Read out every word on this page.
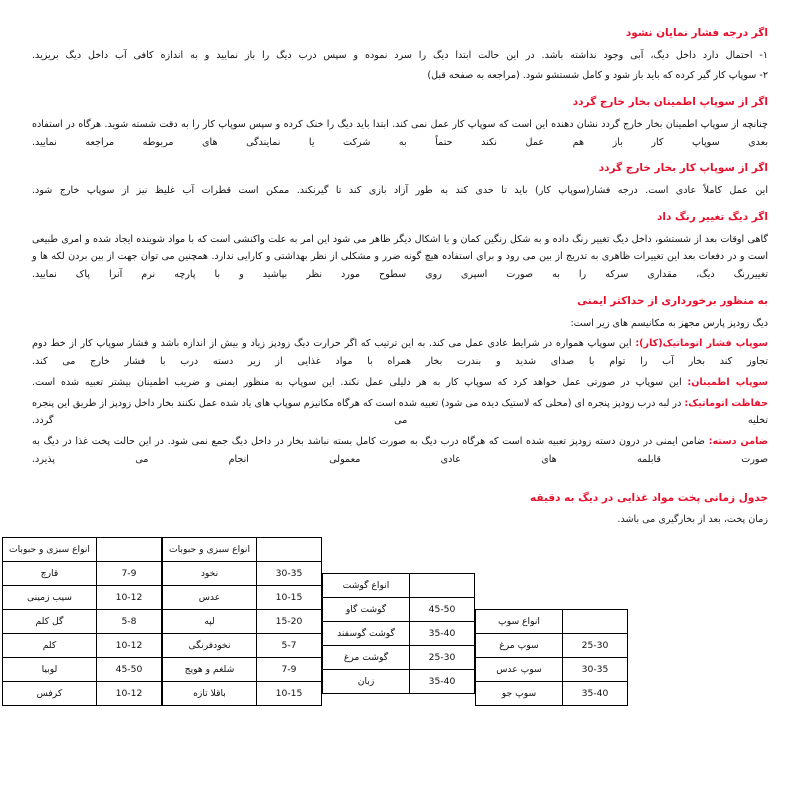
اگر درجه فشار نمایان نشود

۱- احتمال دارد داخل دیگ، آبی وجود نداشته باشد. در این حالت ابتدا دیگ را سرد نموده و سپس درب دیگ را باز نمایید و به اندازه کافی آب داخل دیگ بریزید.

۲- سوپاپ کار گیر کرده که باید باز شود و کامل شستشو شود. (مراجعه به صفحه قبل)

اگر از سوپاپ اطمینان بخار خارج گردد

چنانچه از سوپاپ اطمینان بخار خارج گردد نشان دهنده این است که سوپاپ کار عمل نمی کند. ابتدا باید دیگ را خنک کرده و سپس سوپاپ کار را به دقت شسته شوید. هرگاه در استفاده بعدی سوپاپ کار باز هم عمل نکند حتماً به شرکت یا نمایندگی های مربوطه مراجعه نمایید.

اگر از سوپاپ کار بخار خارج گردد

این عمل کاملاً عادی است. درجه فشار(سوپاپ کار) باید تا حدی کند به طور آزاد بازی کند تا گیرنکند. ممکن است قطرات آب غلیظ نیز از سوپاپ خارج شود.

اگر دیگ تغییر رنگ داد

گاهی اوقات بعد از شستشو، داخل دیگ تغییر رنگ داده و به شکل رنگین کمان و یا اشکال دیگر ظاهر می شود این امر به علت واکنشی است که با مواد شوینده ایجاد شده و امری طبیعی است و در دفعات بعد این تغییرات ظاهری به تدریج از بین می رود و برای استفاده هیچ گونه ضرر و مشکلی از نظر بهداشتی و کارایی ندارد. همچنین می توان جهت از بین بردن لکه ها و تغییررنگ دیگ، مقداری سرکه را به صورت اسپری روی سطوح مورد نظر بپاشید و با پارچه نرم آنرا پاک نمایید.

به منظور برخورداری از حداکثر ایمنی

دیگ زودپز پارس مجهز به مکانیسم های زیر است:

سوپاپ فشار اتوماتیک(کار): این سوپاپ همواره در شرایط عادی عمل می کند. به این ترتیب که اگر حرارت دیگ زودپز زیاد و بیش از اندازه باشد و فشار سوپاپ کار از خط دوم تجاوز کند بخار آب را توام با صدای شدید و بندرت بخار همراه با مواد غذایی از زیر دسته درب با فشار خارج می کند.

سوپاپ اطمینان: این سوپاپ در صورتی عمل خواهد کرد که سوپاپ کار به هر دلیلی عمل نکند. این سوپاپ به منظور ایمنی و ضریب اطمینان بیشتر تعبیه شده است.

حفاظت اتوماتیک: در لبه درب زودپز پنجره ای (محلی که لاستیک دیده می شود) تعبیه شده است که هرگاه مکانیزم سوپاپ های یاد شده عمل نکنند بخار داخل زودپز از طریق این پنجره تخلیه می گردد.

ضامن دسته: ضامن ایمنی در درون دسته زودپز تعبیه شده است که هرگاه درب دیگ به صورت کامل بسته نباشد بخار در داخل دیگ جمع نمی شود. در این حالت پخت غذا در دیگ به صورت قابلمه های عادی معمولی انجام می پذیرد.

جدول زمانی پخت مواد غذایی در دیگ به دقیقه
زمان پخت، بعد از بخارگیری می باشد.
	انواع سوپ
25-30	سوپ مرغ
30-35	سوپ عدس
35-40	سوپ جو
	انواع گوشت
45-50	گوشت گاو
35-40	گوشت گوسفند
25-30	گوشت مرغ
35-40	زبان
	انواع سبزی و حبوبات
30-35	نخود
10-15	عدس
15-20	لپه
5-7	نخودفرنگی
7-9	شلغم و هویج
10-15	باقلا تازه
	انواع سبزی و حبوبات
7-9	قارچ
10-12	سیب زمینی
5-8	گل کلم
10-12	کلم
45-50	لوبیا
10-12	کرفس
